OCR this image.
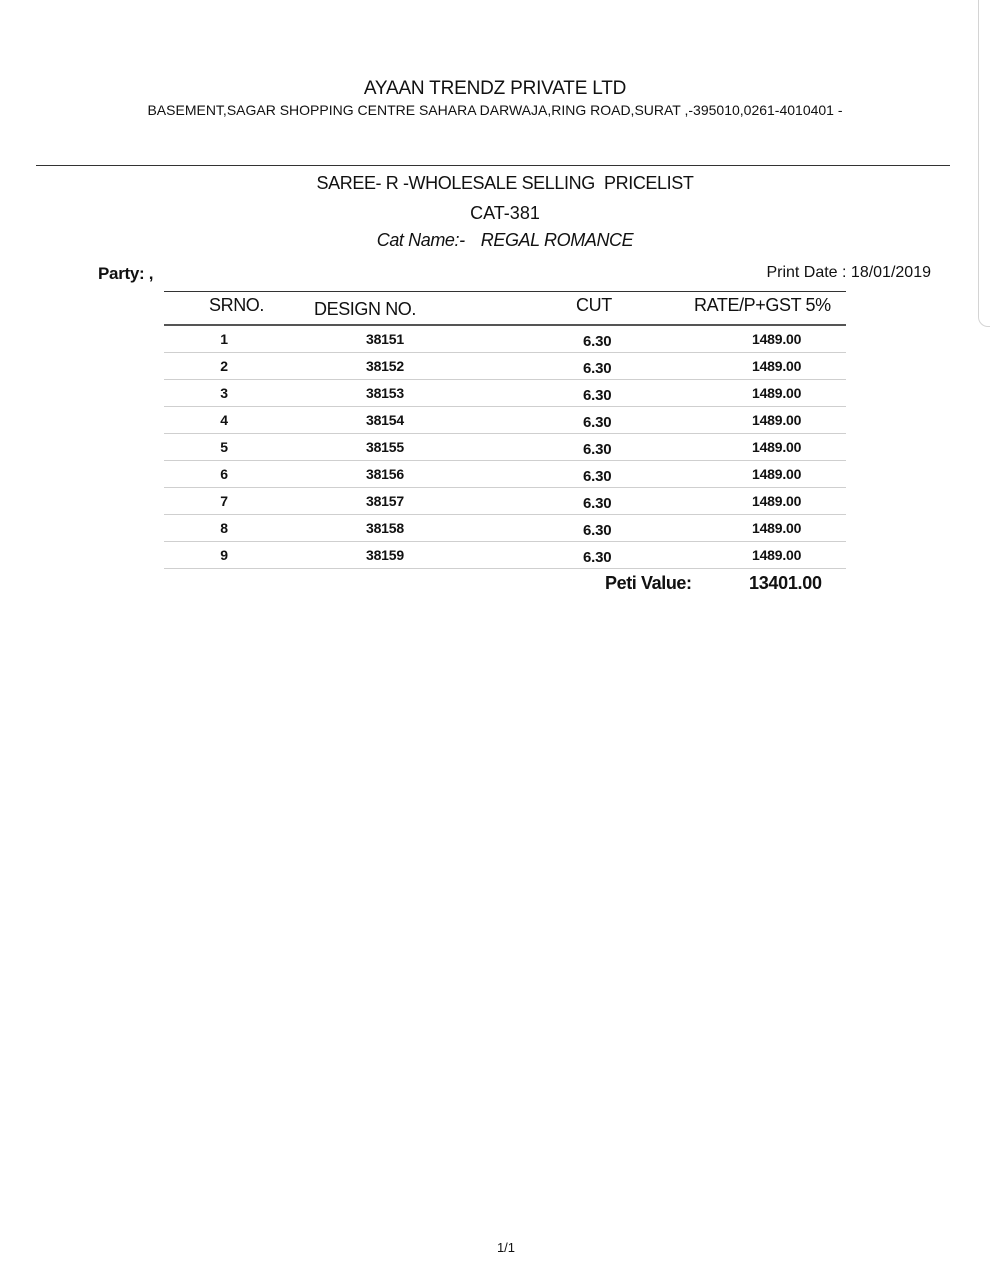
AYAAN TRENDZ PRIVATE LTD
BASEMENT,SAGAR SHOPPING CENTRE SAHARA DARWAJA,RING ROAD,SURAT ,-395010,0261-4010401 -
SAREE- R -WHOLESALE SELLING  PRICELIST
CAT-381
Cat Name:- REGAL ROMANCE
Party: ,	Print Date : 18/01/2019
SRNO.	DESIGN NO.	CUT	RATE/P+GST 5%
1	38151	6.30	1489.00
2	38152	6.30	1489.00
3	38153	6.30	1489.00
4	38154	6.30	1489.00
5	38155	6.30	1489.00
6	38156	6.30	1489.00
7	38157	6.30	1489.00
8	38158	6.30	1489.00
9	38159	6.30	1489.00
Peti Value:	13401.00
1/1
